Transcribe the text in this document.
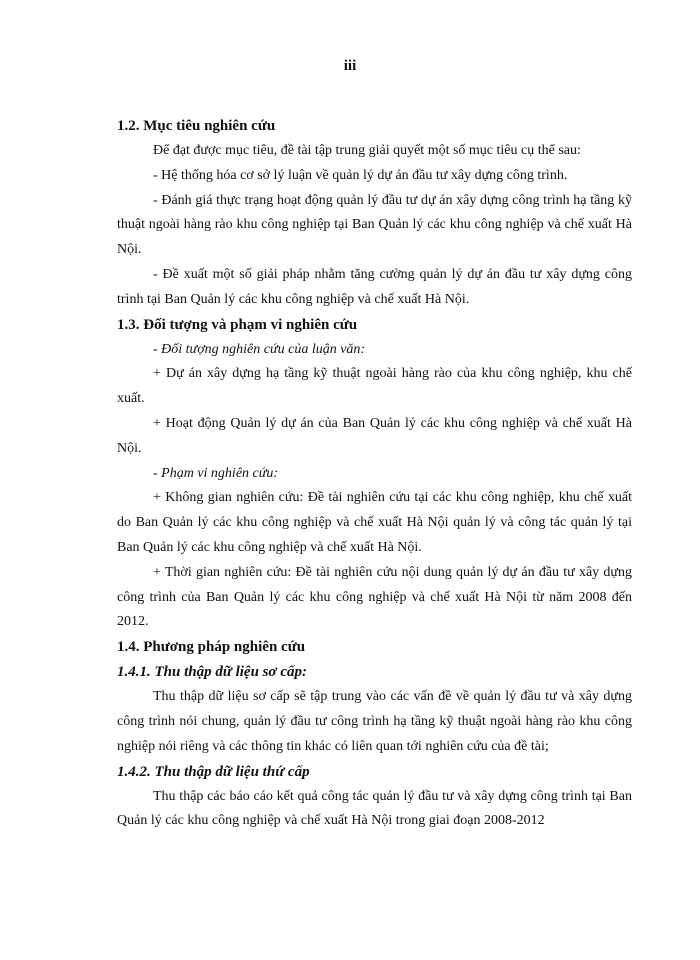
iii

1.2. Mục tiêu nghiên cứu

Để đạt được mục tiêu, đề tài tập trung giải quyết một số mục tiêu cụ thể sau:

- Hệ thống hóa cơ sở lý luận về quản lý dự án đầu tư xây dựng công trình.

- Đánh giá thực trạng hoạt động quản lý đầu tư dự án xây dựng công trình hạ tầng kỹ thuật ngoài hàng rào khu công nghiệp tại Ban Quản lý các khu công nghiệp và chế xuất Hà Nội.

- Đề xuất một số giải pháp nhằm tăng cường quản lý dự án đầu tư xây dựng công trình tại Ban Quản lý các khu công nghiệp và chế xuất Hà Nội.

1.3. Đối tượng và phạm vi nghiên cứu

- Đối tượng nghiên cứu của luận văn:

+ Dự án xây dựng hạ tầng kỹ thuật ngoài hàng rào của khu công nghiệp, khu chế xuất.

+ Hoạt động Quản lý dự án của Ban Quản lý các khu công nghiệp và chế xuất Hà Nội.

- Phạm vi nghiên cứu:

+ Không gian nghiên cứu: Đề tài nghiên cứu tại các khu công nghiệp, khu chế xuất do Ban Quản lý các khu công nghiệp và chế xuất Hà Nội quản lý và công tác quản lý tại Ban Quản lý các khu công nghiệp và chế xuất Hà Nội.

+ Thời gian nghiên cứu: Đề tài nghiên cứu nội dung quản lý dự án đầu tư xây dựng công trình của Ban Quản lý các khu công nghiệp và chế xuất Hà Nội từ năm 2008 đến 2012.

1.4. Phương pháp nghiên cứu

1.4.1. Thu thập dữ liệu sơ cấp:

Thu thập dữ liệu sơ cấp sẽ tập trung vào các vấn đề về quản lý đầu tư và xây dựng công trình nói chung, quản lý đầu tư công trình hạ tầng kỹ thuật ngoài hàng rào khu công nghiệp nói riêng và các thông tin khác có liên quan tới nghiên cứu của đề tài;

1.4.2. Thu thập dữ liệu thứ cấp

Thu thập các báo cáo kết quả công tác quản lý đầu tư và xây dựng công trình tại Ban Quản lý các khu công nghiệp và chế xuất Hà Nội trong giai đoạn 2008-2012
